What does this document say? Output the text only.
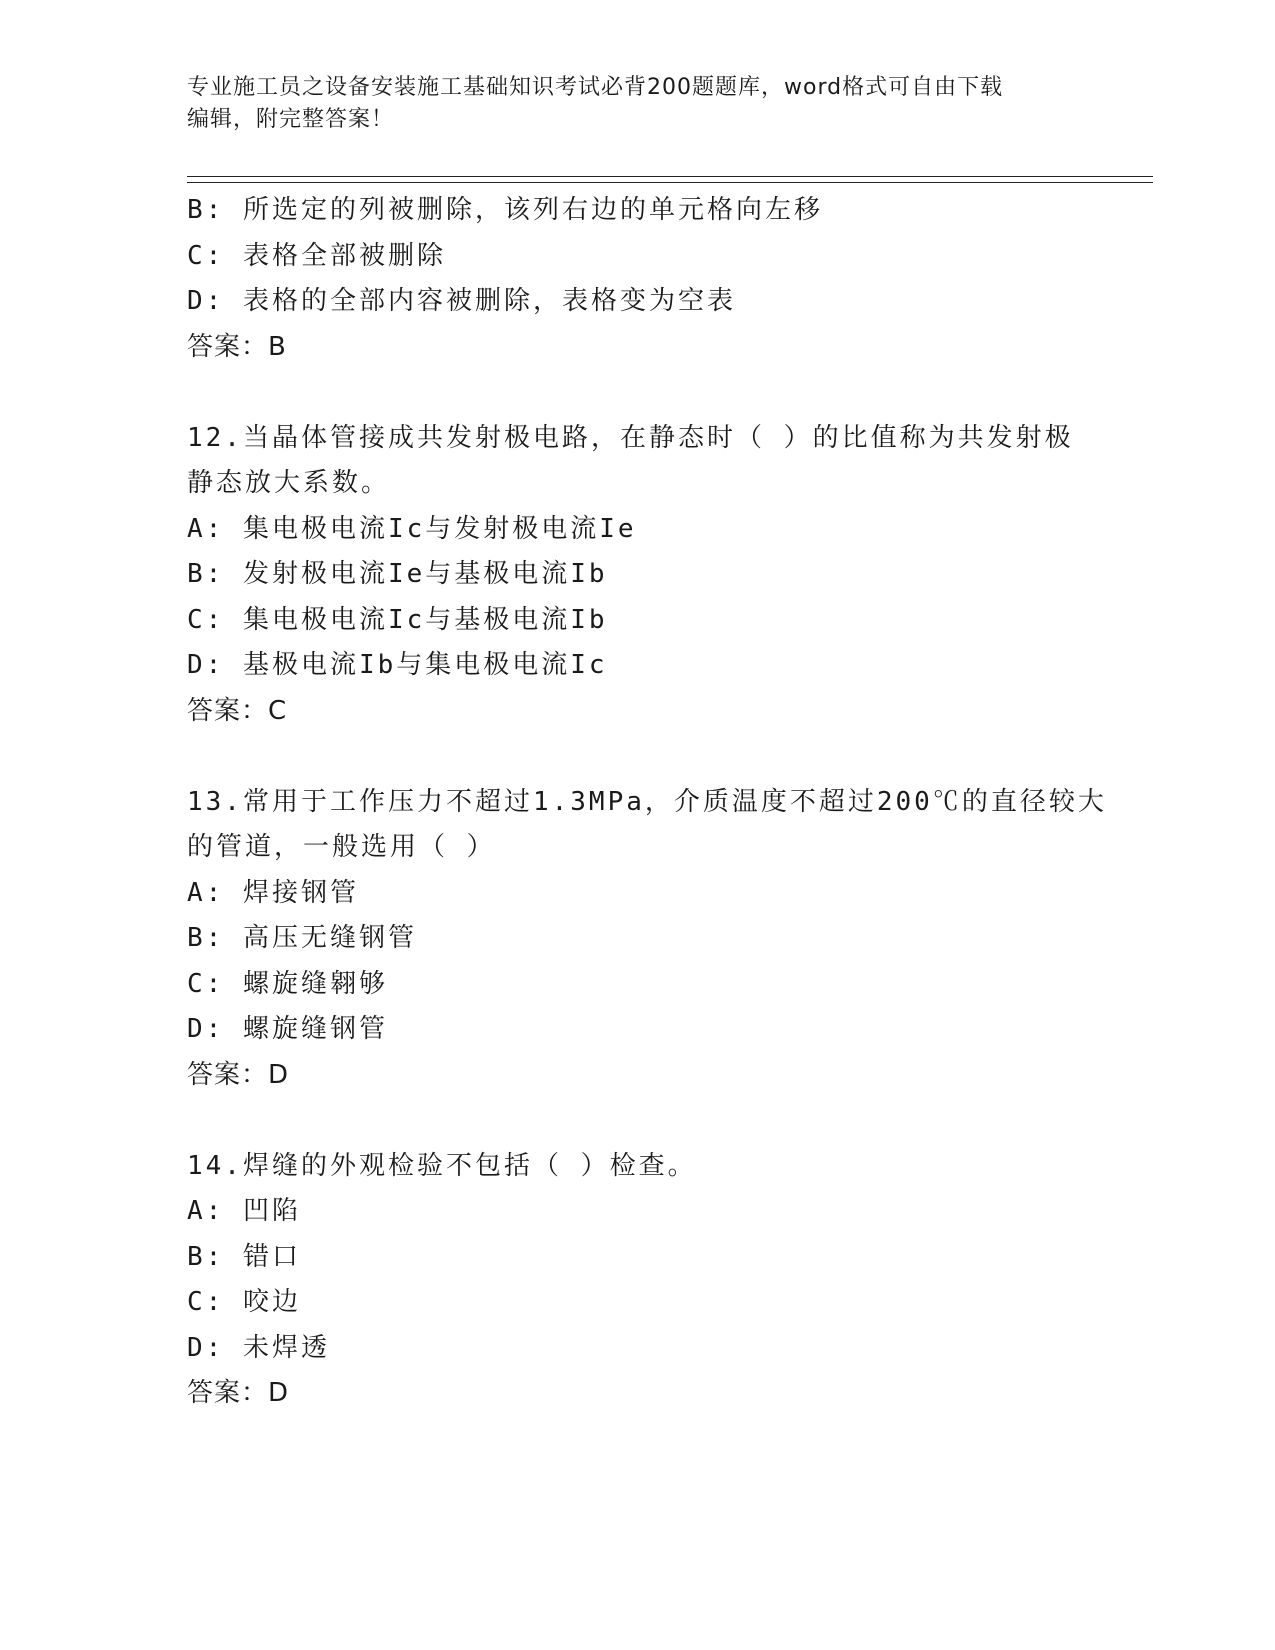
专业施工员之设备安装施工基础知识考试必背200题题库，word格式可自由下载
编辑，附完整答案！
B: 所选定的列被删除，该列右边的单元格向左移
C: 表格全部被删除
D: 表格的全部内容被删除，表格变为空表
答案：B
12.当晶体管接成共发射极电路，在静态时（ ）的比值称为共发射极
静态放大系数。
A: 集电极电流Ic与发射极电流Ie
B: 发射极电流Ie与基极电流Ib
C: 集电极电流Ic与基极电流Ib
D: 基极电流Ib与集电极电流Ic
答案：C
13.常用于工作压力不超过1.3MPa，介质温度不超过200℃的直径较大
的管道，一般选用（ ）
A: 焊接钢管
B: 高压无缝钢管
C: 螺旋缝翱够
D: 螺旋缝钢管
答案：D
14.焊缝的外观检验不包括（ ）检查。
A: 凹陷
B: 错口
C: 咬边
D: 未焊透
答案：D
